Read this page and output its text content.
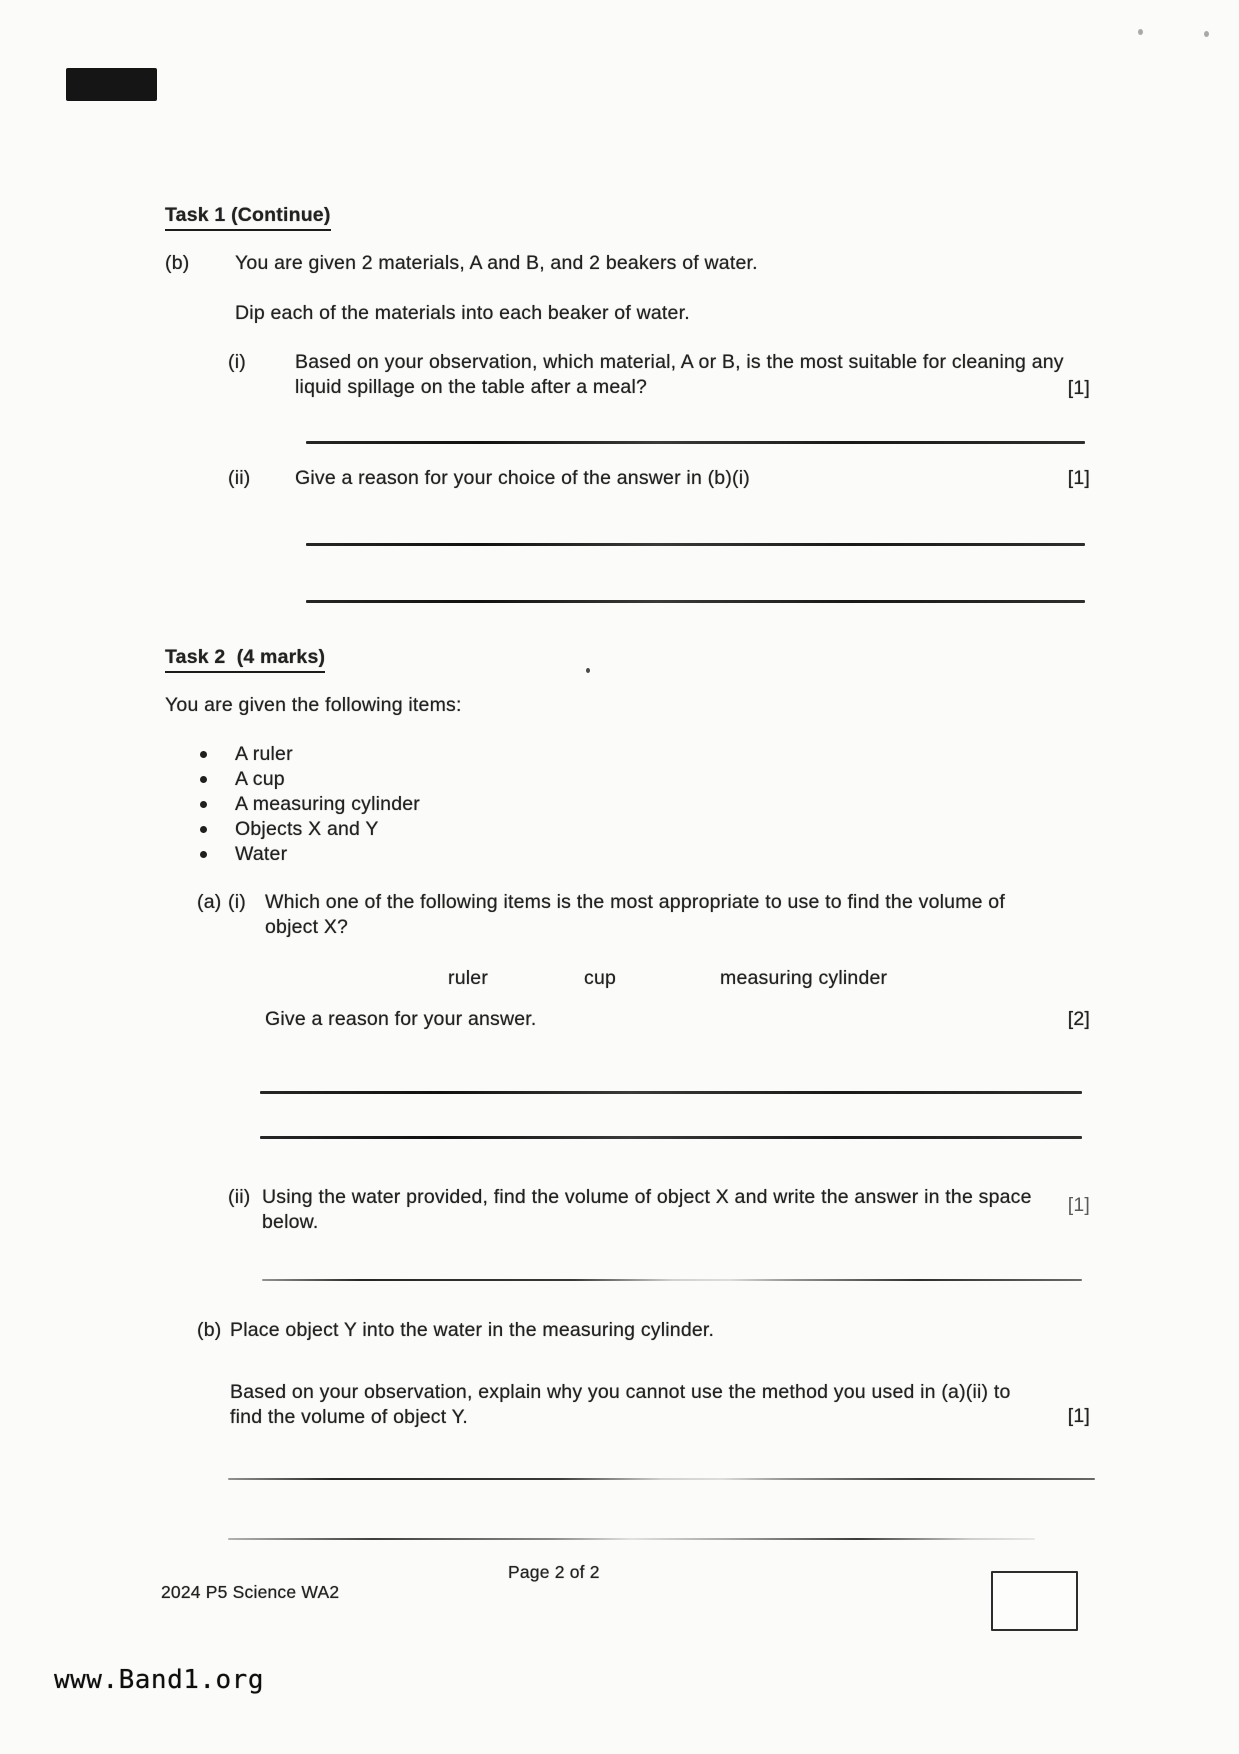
Task 1 (Continue)
(b) You are given 2 materials, A and B, and 2 beakers of water.
Dip each of the materials into each beaker of water.
(i)	Based on your observation, which material, A or B, is the most suitable for cleaning any liquid spillage on the table after a meal?	[1]
(ii) Give a reason for your choice of the answer in (b)(i)	[1]
Task 2  (4 marks)
You are given the following items:
A ruler
A cup
A measuring cylinder
Objects X and Y
Water
(a) (i) Which one of the following items is the most appropriate to use to find the volume of object X?
ruler	cup	measuring cylinder
Give a reason for your answer.	[2]
(ii) Using the water provided, find the volume of object X and write the answer in the space below.
[1]
(b) Place object Y into the water in the measuring cylinder.
Based on your observation, explain why you cannot use the method you used in (a)(ii) to find the volume of object Y.	[1]
Page 2 of 2
2024 P5 Science WA2
www.Band1.org
